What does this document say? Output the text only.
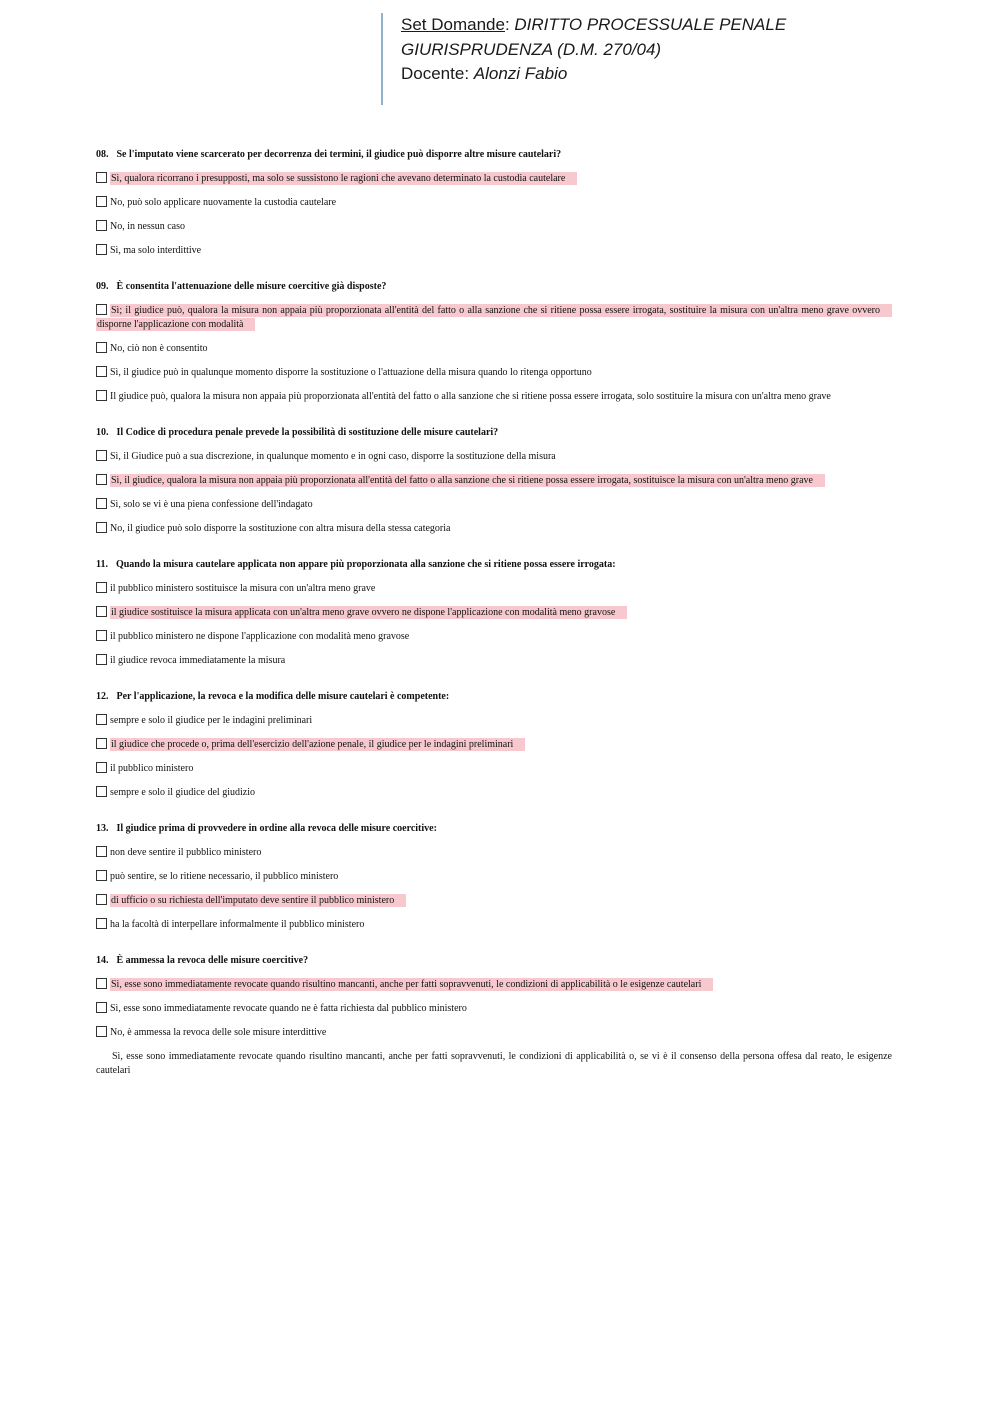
Set Domande: DIRITTO PROCESSUALE PENALE
GIURISPRUDENZA (D.M. 270/04)
Docente: Alonzi Fabio
08. Se l'imputato viene scarcerato per decorrenza dei termini, il giudice può disporre altre misure cautelari?
Sì, qualora ricorrano i presupposti, ma solo se sussistono le ragioni che avevano determinato la custodia cautelare
No, può solo applicare nuovamente la custodia cautelare
No, in nessun caso
Sì, ma solo interdittive
09. È consentita l'attenuazione delle misure coercitive già disposte?
Sì; il giudice può, qualora la misura non appaia più proporzionata all'entità del fatto o alla sanzione che si ritiene possa essere irrogata, sostituire la misura con un'altra meno grave ovvero disporne l'applicazione con modalità
No, ciò non è consentito
Sì, il giudice può in qualunque momento disporre la sostituzione o l'attuazione della misura quando lo ritenga opportuno
Il giudice può, qualora la misura non appaia più proporzionata all'entità del fatto o alla sanzione che si ritiene possa essere irrogata, solo sostituire la misura con un'altra meno grave
10. Il Codice di procedura penale prevede la possibilità di sostituzione delle misure cautelari?
Sì, il Giudice può a sua discrezione, in qualunque momento e in ogni caso, disporre la sostituzione della misura
Sì, il giudice, qualora la misura non appaia più proporzionata all'entità del fatto o alla sanzione che si ritiene possa essere irrogata, sostituisce la misura con un'altra meno grave
Sì, solo se vi è una piena confessione dell'indagato
No, il giudice può solo disporre la sostituzione con altra misura della stessa categoria
11. Quando la misura cautelare applicata non appare più proporzionata alla sanzione che si ritiene possa essere irrogata:
il pubblico ministero sostituisce la misura con un'altra meno grave
il giudice sostituisce la misura applicata con un'altra meno grave ovvero ne dispone l'applicazione con modalità meno gravose
il pubblico ministero ne dispone l'applicazione con modalità meno gravose
il giudice revoca immediatamente la misura
12. Per l'applicazione, la revoca e la modifica delle misure cautelari è competente:
sempre e solo il giudice per le indagini preliminari
il giudice che procede o, prima dell'esercizio dell'azione penale, il giudice per le indagini preliminari
il pubblico ministero
sempre e solo il giudice del giudizio
13. Il giudice prima di provvedere in ordine alla revoca delle misure coercitive:
non deve sentire il pubblico ministero
può sentire, se lo ritiene necessario, il pubblico ministero
di ufficio o su richiesta dell'imputato deve sentire il pubblico ministero
ha la facoltà di interpellare informalmente il pubblico ministero
14. È ammessa la revoca delle misure coercitive?
Sì, esse sono immediatamente revocate quando risultino mancanti, anche per fatti sopravvenuti, le condizioni di applicabilità o le esigenze cautelari
Sì, esse sono immediatamente revocate quando ne è fatta richiesta dal pubblico ministero
No, è ammessa la revoca delle sole misure interdittive
Sì, esse sono immediatamente revocate quando risultino mancanti, anche per fatti sopravvenuti, le condizioni di applicabilità o, se vi è il consenso della persona offesa dal reato, le esigenze cautelari
